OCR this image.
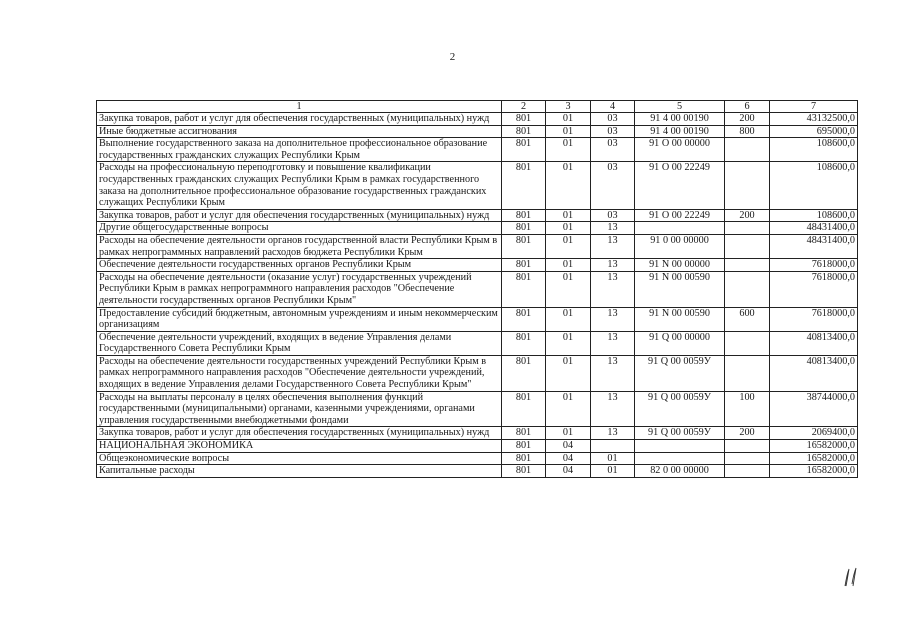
2
1	2	3	4	5	6	7
Закупка товаров, работ и услуг для обеспечения государственных (муниципальных) нужд	801	01	03	91 4 00 00190	200	43132500,0
Иные бюджетные ассигнования	801	01	03	91 4 00 00190	800	695000,0
Выполнение государственного заказа на дополнительное профессиональное образование государственных гражданских служащих Республики Крым	801	01	03	91 О 00 00000		108600,0
Расходы на профессиональную переподготовку и повышение квалификации государственных гражданских служащих Республики Крым в рамках государственного заказа на дополнительное профессиональное образование государственных гражданских служащих Республики Крым	801	01	03	91 О 00 22249		108600,0
Закупка товаров, работ и услуг для обеспечения государственных (муниципальных) нужд	801	01	03	91 О 00 22249	200	108600,0
Другие общегосударственные вопросы	801	01	13			48431400,0
Расходы на обеспечение деятельности органов государственной власти Республики Крым в рамках непрограммных направлений расходов бюджета Республики Крым	801	01	13	91 0 00 00000		48431400,0
Обеспечение деятельности государственных органов Республики Крым	801	01	13	91 N 00 00000		7618000,0
Расходы на обеспечение деятельности (оказание услуг) государственных учреждений Республики Крым в рамках непрограммного направления расходов "Обеспечение деятельности государственных органов Республики Крым"	801	01	13	91 N 00 00590		7618000,0
Предоставление субсидий бюджетным, автономным учреждениям и иным некоммерческим организациям	801	01	13	91 N 00 00590	600	7618000,0
Обеспечение деятельности учреждений, входящих в ведение Управления делами Государственного Совета Республики Крым	801	01	13	91 Q 00 00000		40813400,0
Расходы на обеспечение деятельности государственных учреждений Республики Крым в рамках непрограммного направления расходов "Обеспечение деятельности учреждений, входящих в ведение Управления делами Государственного Совета Республики Крым"	801	01	13	91 Q 00 0059У		40813400,0
Расходы на выплаты персоналу в целях обеспечения выполнения функций государственными (муниципальными) органами, казенными учреждениями, органами управления государственными внебюджетными фондами	801	01	13	91 Q 00 0059У	100	38744000,0
Закупка товаров, работ и услуг для обеспечения государственных (муниципальных) нужд	801	01	13	91 Q 00 0059У	200	2069400,0
НАЦИОНАЛЬНАЯ ЭКОНОМИКА	801	04				16582000,0
Общеэкономические вопросы	801	04	01			16582000,0
Капитальные расходы	801	04	01	82 0 00 00000		16582000,0
